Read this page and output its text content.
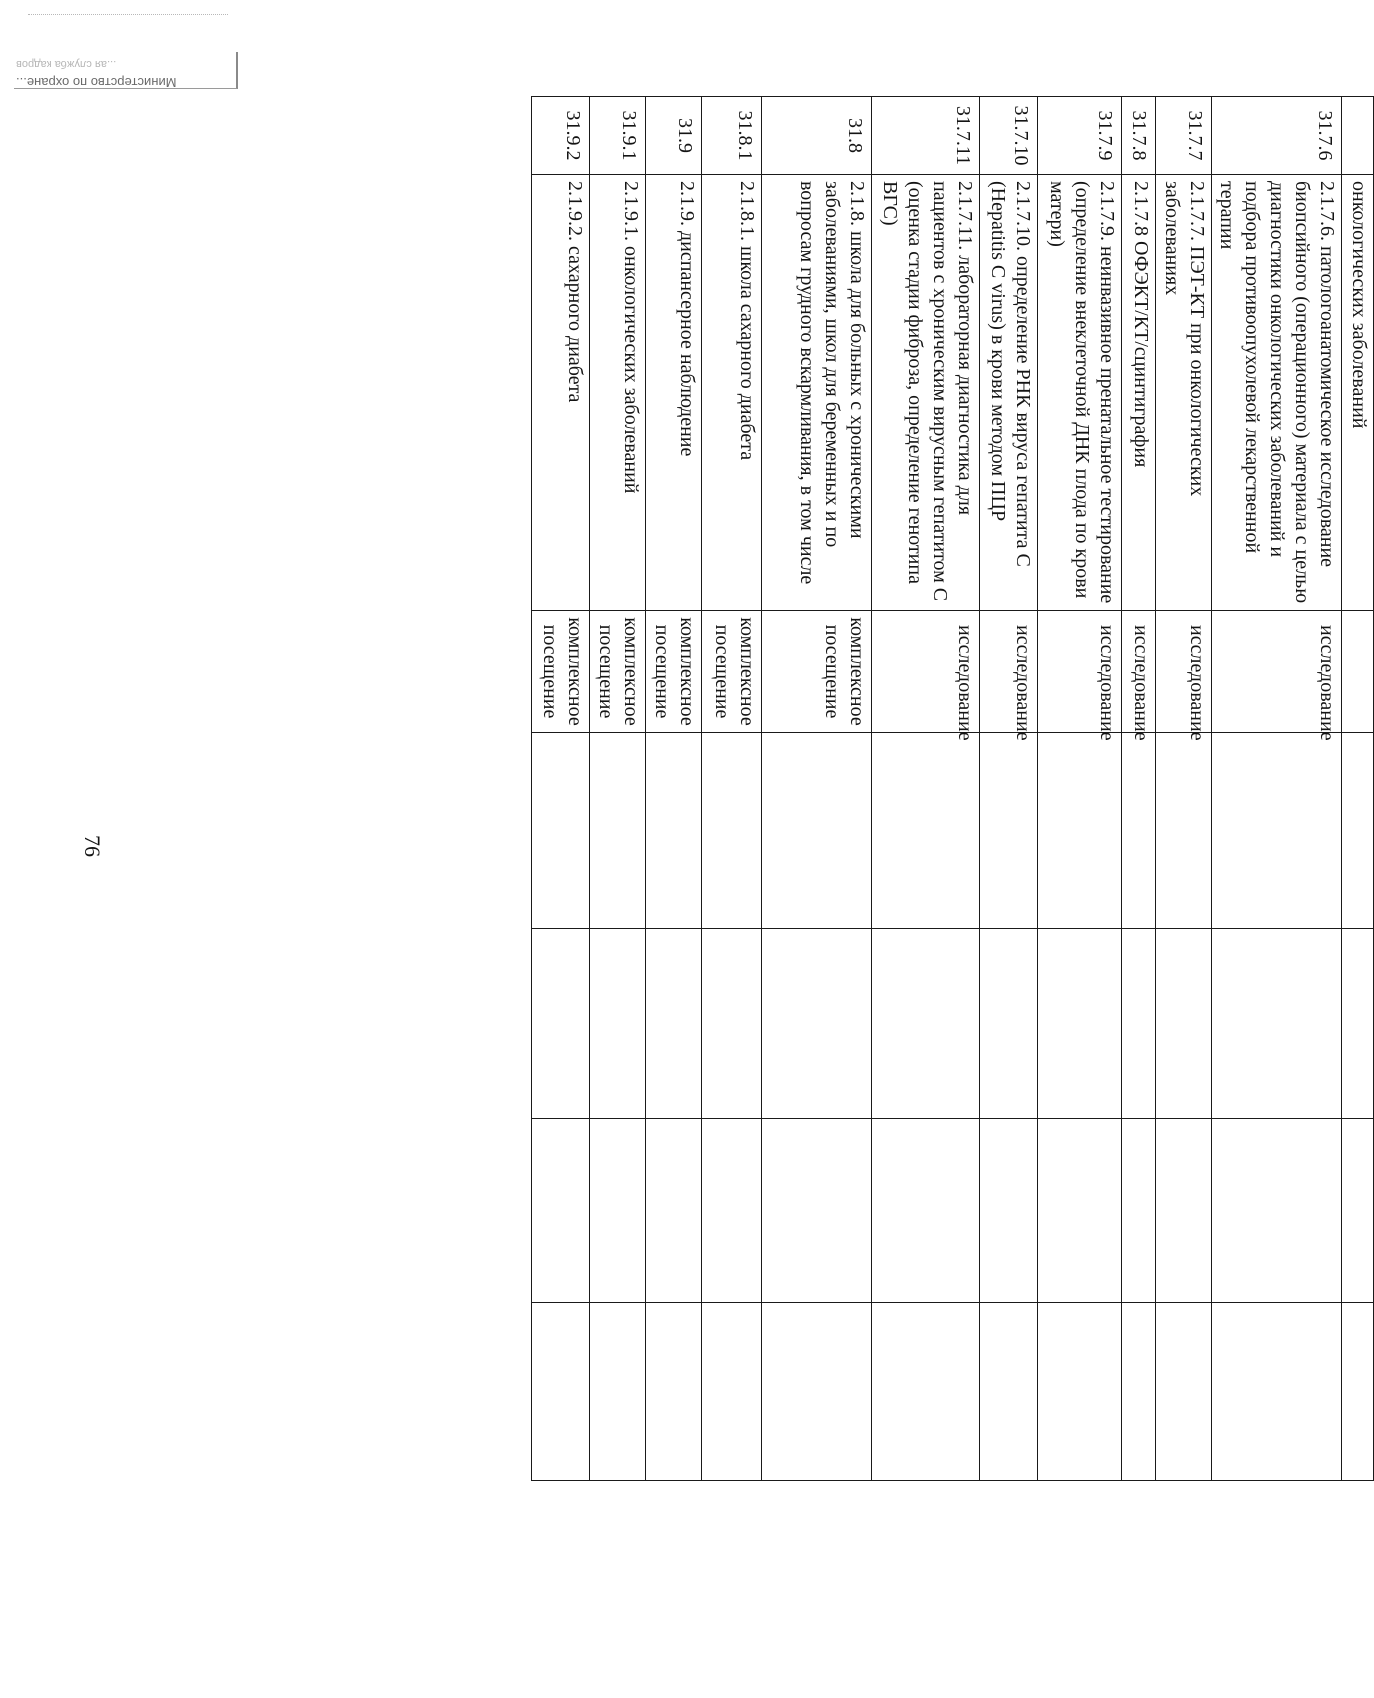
...ая служба кадров
Министерство по охране...
76
	онкологических заболеваний					
31.7.6	2.1.7.6. патологоанатомическое исследование биопсийного (операционного) материала с целью диагностики онкологических заболеваний и подбора противоопухолевой лекарственной терапии	исследование				
31.7.7	2.1.7.7. ПЭТ-КТ при онкологических заболеваниях	исследование				
31.7.8	2.1.7.8 ОФЭКТ/КТ/сцинтиграфия	исследование				
31.7.9	2.1.7.9. неинвазивное пренатальное тестирование (определение внеклеточной ДНК плода по крови матери)	исследование				
31.7.10	2.1.7.10. определение РНК вируса гепатита С (Hepatitis C virus) в крови методом ПЦР	исследование				
31.7.11	2.1.7.11. лабораторная диагностика для пациентов с хроническим вирусным гепатитом С (оценка стадии фиброза, определение генотипа ВГС)	исследование				
31.8	2.1.8. школа для больных с хроническими заболеваниями, школ для беременных и по вопросам грудного вскармливания, в том числе	комплексное посещение				
31.8.1	2.1.8.1. школа сахарного диабета	комплексное посещение				
31.9	2.1.9. диспансерное наблюдение	комплексное посещение				
31.9.1	2.1.9.1. онкологических заболеваний	комплексное посещение				
31.9.2	2.1.9.2. сахарного диабета	комплексное посещение				
